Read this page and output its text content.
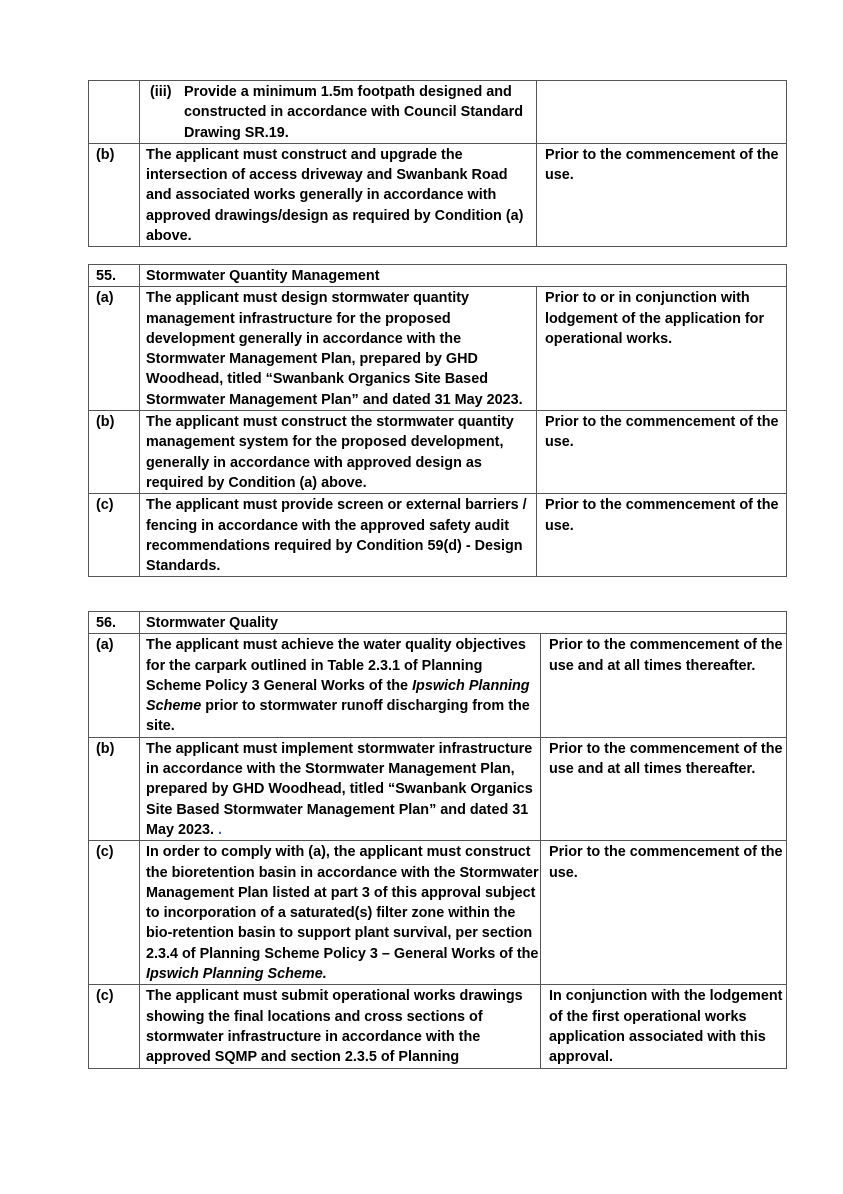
	(iii) Provide a minimum 1.5m footpath designed and constructed in accordance with Council Standard Drawing SR.19.	

(b)	The applicant must construct and upgrade the intersection of access driveway and Swanbank Road and associated works generally in accordance with approved drawings/design as required by Condition (a) above.	Prior to the commencement of the use.
55.	Stormwater Quantity Management	
(a)	The applicant must design stormwater quantity management infrastructure for the proposed development generally in accordance with the Stormwater Management Plan, prepared by GHD Woodhead, titled “Swanbank Organics Site Based Stormwater Management Plan” and dated 31 May 2023.	Prior to or in conjunction with lodgement of the application for operational works.
(b)	The applicant must construct the stormwater quantity management system for the proposed development, generally in accordance with approved design as required by Condition (a) above.	Prior to the commencement of the use.
(c)	The applicant must provide screen or external barriers / fencing in accordance with the approved safety audit recommendations required by Condition 59(d) - Design Standards.	Prior to the commencement of the use.
56.	Stormwater Quality	
(a)	The applicant must achieve the water quality objectives for the carpark outlined in Table 2.3.1 of Planning Scheme Policy 3 General Works of the Ipswich Planning Scheme prior to stormwater runoff discharging from the site.	Prior to the commencement of the use and at all times thereafter.
(b)	The applicant must implement stormwater infrastructure in accordance with the Stormwater Management Plan, prepared by GHD Woodhead, titled “Swanbank Organics Site Based Stormwater Management Plan” and dated 31 May 2023. .	Prior to the commencement of the use and at all times thereafter.
(c)	In order to comply with (a), the applicant must construct the bioretention basin in accordance with the Stormwater Management Plan listed at part 3 of this approval subject to incorporation of a saturated(s) filter zone within the bio-retention basin to support plant survival, per section 2.3.4 of Planning Scheme Policy 3 – General Works of the Ipswich Planning Scheme.	Prior to the commencement of the use.
(c)	The applicant must submit operational works drawings showing the final locations and cross sections of stormwater infrastructure in accordance with the approved SQMP and section 2.3.5 of Planning	In conjunction with the lodgement of the first operational works application associated with this approval.
